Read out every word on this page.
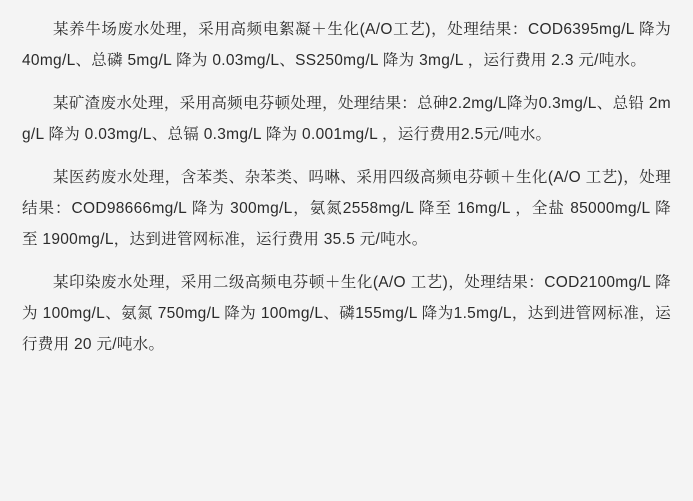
某养牛场废水处理，采用高频电絮凝＋生化(A/O工艺)，处理结果：COD6395mg/L 降为 40mg/L、总磷 5mg/L 降为 0.03mg/L、SS250mg/L 降为 3mg/L ，运行费用 2.3 元/吨水。

某矿渣废水处理，采用高频电芬顿处理，处理结果：总砷2.2mg/L降为0.3mg/L、总铅 2mg/L 降为 0.03mg/L、总镉 0.3mg/L 降为 0.001mg/L ，运行费用2.5元/吨水。

某医药废水处理，含苯类、杂苯类、吗啉、采用四级高频电芬顿＋生化(A/O 工艺)，处理结果：COD98666mg/L 降为 300mg/L，氨氮2558mg/L 降至 16mg/L ，全盐 85000mg/L 降至 1900mg/L，达到进管网标准，运行费用 35.5 元/吨水。

某印染废水处理，采用二级高频电芬顿＋生化(A/O 工艺)，处理结果：COD2100mg/L 降为 100mg/L、氨氮 750mg/L 降为 100mg/L、磷155mg/L 降为1.5mg/L，达到进管网标准，运行费用 20 元/吨水。
